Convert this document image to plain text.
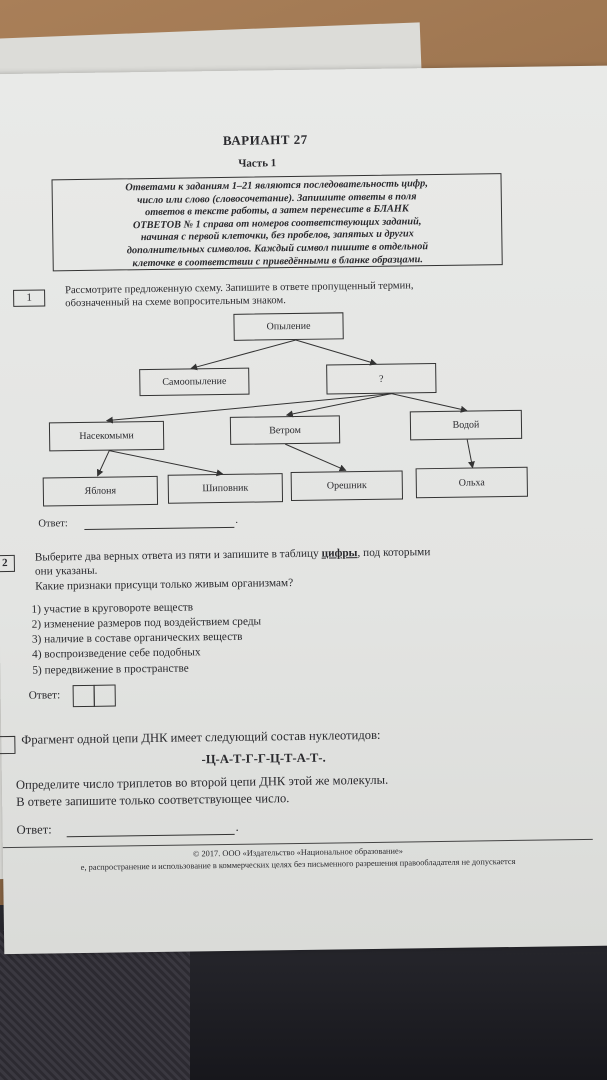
ВАРИАНТ 27
Часть 1
Ответами к заданиям 1–21 являются последовательность цифр,
число или слово (словосочетание). Запишите ответы в поля
ответов в тексте работы, а затем перенесите в БЛАНК
ОТВЕТОВ № 1 справа от номеров соответствующих заданий,
начиная с первой клеточки, без пробелов, запятых и других
дополнительных символов. Каждый символ пишите в отдельной
клеточке в соответствии с приведёнными в бланке образцами.
1
Рассмотрите предложенную схему. Запишите в ответе пропущенный термин,
обозначенный на схеме вопросительным знаком.
Опыление
Самоопыление	?
Насекомыми
Ветром	Водой
Яблоня	Шиповник	Орешник	Ольха
Ответ:	.
2	Выберите два верных ответа из пяти и запишите в таблицу цифры, под которыми
они указаны.
Какие признаки присущи только живым организмам?
1) участие в круговороте веществ
2) изменение размеров под воздействием среды
3) наличие в составе органических веществ
4) воспроизведение себе подобных
5) передвижение в пространстве
Ответ:
Фрагмент одной цепи ДНК имеет следующий состав нуклеотидов:
-Ц-А-Т-Г-Г-Ц-Т-А-Т-.
Определите число триплетов во второй цепи ДНК этой же молекулы.
В ответе запишите только соответствующее число.
Ответ:	.
© 2017. ООО «Издательство «Национальное образование»
е, распространение и использование в коммерческих целях без письменного разрешения правообладателя не допускается
